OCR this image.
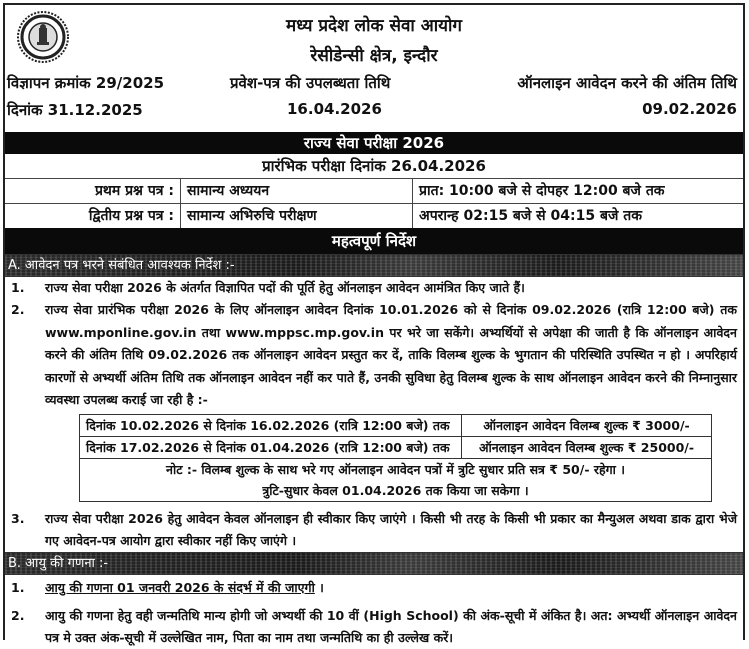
मध्य प्रदेश लोक सेवा आयोग
रेसीडेन्सी क्षेत्र, इन्दौर
विज्ञापन क्रमांक 29/2025
दिनांक 31.12.2025
प्रवेश-पत्र की उपलब्धता तिथि
16.04.2026
ऑनलाइन आवेदन करने की अंतिम तिथि
09.02.2026
राज्य सेवा परीक्षा 2026
प्रारंभिक परीक्षा दिनांक 26.04.2026
प्रथम प्रश्न पत्र : सामान्य अध्ययन	प्रात: 10:00 बजे से दोपहर 12:00 बजे तक
द्वितीय प्रश्न पत्र : सामान्य अभिरुचि परीक्षण	अपरान्ह 02:15 बजे से 04:15 बजे तक
महत्वपूर्ण निर्देश
A. आवेदन पत्र भरने संबंधित आवश्यक निर्देश :-
1.	राज्य सेवा परीक्षा 2026 के अंतर्गत विज्ञापित पदों की पूर्ति हेतु ऑनलाइन आवेदन आमंत्रित किए जाते हैं।
2.	राज्य सेवा प्रारंभिक परीक्षा 2026 के लिए ऑनलाइन आवेदन दिनांक 10.01.2026 को से दिनांक 09.02.2026 (रात्रि 12:00 बजे) तक www.mponline.gov.in तथा www.mppsc.mp.gov.in पर भरे जा सकेंगे। अभ्यर्थियों से अपेक्षा की जाती है कि ऑनलाइन आवेदन करने की अंतिम तिथि 09.02.2026 तक ऑनलाइन आवेदन प्रस्तुत कर दें, ताकि विलम्ब शुल्क के भुगतान की परिस्थिति उपस्थित न हो । अपरिहार्य कारणों से अभ्यर्थी अंतिम तिथि तक ऑनलाइन आवेदन नहीं कर पाते हैं, उनकी सुविधा हेतु विलम्ब शुल्क के साथ ऑनलाइन आवेदन करने की निम्नानुसार व्यवस्था उपलब्ध कराई जा रही है :-
दिनांक 10.02.2026 से दिनांक 16.02.2026 (रात्रि 12:00 बजे) तक	ऑनलाइन आवेदन विलम्ब शुल्क ₹ 3000/-
दिनांक 17.02.2026 से दिनांक 01.04.2026 (रात्रि 12:00 बजे) तक	ऑनलाइन आवेदन विलम्ब शुल्क ₹ 25000/-
नोट :- विलम्ब शुल्क के साथ भरे गए ऑनलाइन आवेदन पत्रों में त्रुटि सुधार प्रति सत्र ₹ 50/- रहेगा ।
त्रुटि-सुधार केवल 01.04.2026 तक किया जा सकेगा ।
3.	राज्य सेवा परीक्षा 2026 हेतु आवेदन केवल ऑनलाइन ही स्वीकार किए जाएंगे । किसी भी तरह के किसी भी प्रकार का मैन्युअल अथवा डाक द्वारा भेजे गए आवेदन-पत्र आयोग द्वारा स्वीकार नहीं किए जाएंगे ।
B. आयु की गणना :-
1.	आयु की गणना 01 जनवरी 2026 के संदर्भ में की जाएगी ।
2.	आयु की गणना हेतु वही जन्मतिथि मान्य होगी जो अभ्यर्थी की 10 वीं (High School) की अंक-सूची में अंकित है। अत: अभ्यर्थी ऑनलाइन आवेदन पत्र मे उक्त अंक-सूची में उल्लेखित नाम, पिता का नाम तथा जन्मतिथि का ही उल्लेख करें।
